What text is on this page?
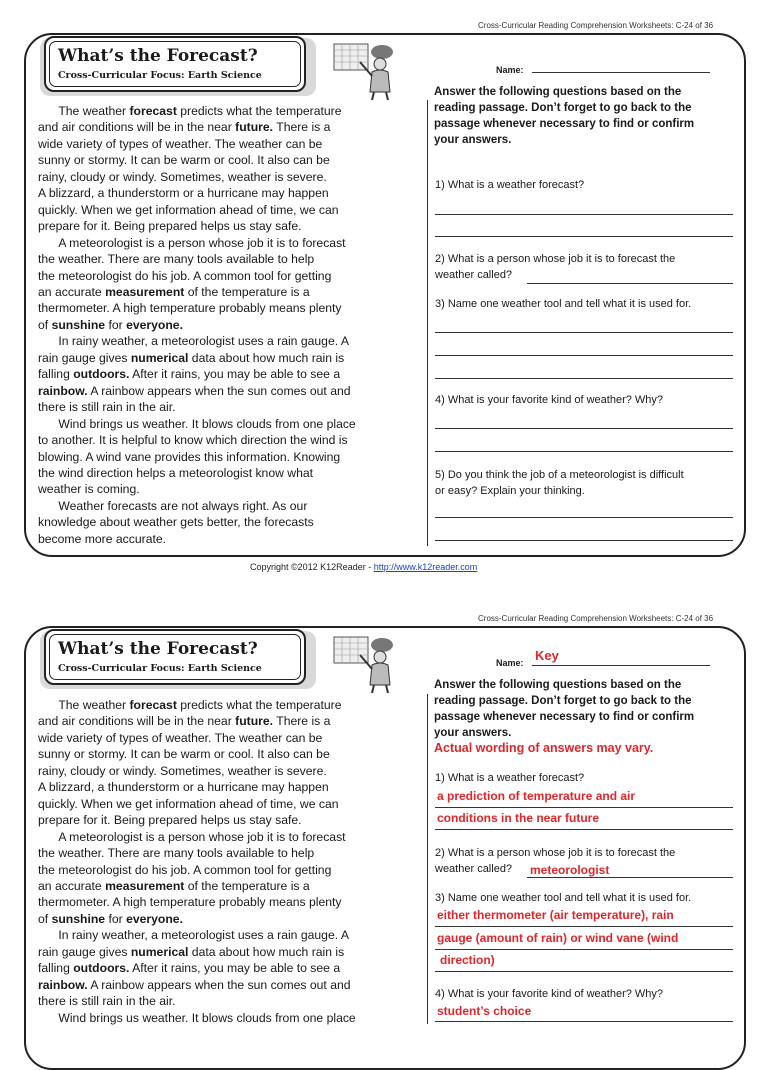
Cross-Curricular Reading Comprehension Worksheets: C-24 of 36
What’s the Forecast?
Cross-Curricular Focus: Earth Science
The weather forecast predicts what the temperature
and air conditions will be in the near future. There is a
wide variety of types of weather. The weather can be
sunny or stormy. It can be warm or cool. It also can be
rainy, cloudy or windy. Sometimes, weather is severe.
A blizzard, a thunderstorm or a hurricane may happen
quickly. When we get information ahead of time, we can
prepare for it. Being prepared helps us stay safe.
A meteorologist is a person whose job it is to forecast
the weather. There are many tools available to help
the meteorologist do his job. A common tool for getting
an accurate measurement of the temperature is a
thermometer. A high temperature probably means plenty
of sunshine for everyone.
In rainy weather, a meteorologist uses a rain gauge. A
rain gauge gives numerical data about how much rain is
falling outdoors. After it rains, you may be able to see a
rainbow. A rainbow appears when the sun comes out and
there is still rain in the air.
Wind brings us weather. It blows clouds from one place
to another. It is helpful to know which direction the wind is
blowing. A wind vane provides this information. Knowing
the wind direction helps a meteorologist know what
weather is coming.
Weather forecasts are not always right. As our
knowledge about weather gets better, the forecasts
become more accurate.
Name:
Answer the following questions based on the
reading passage. Don’t forget to go back to the
passage whenever necessary to find or confirm
your answers.
1) What is a weather forecast?
2) What is a person whose job it is to forecast the
weather called?
3) Name one weather tool and tell what it is used for.
4) What is your favorite kind of weather? Why?
5) Do you think the job of a meteorologist is difficult
or easy? Explain your thinking.
Copyright ©2012 K12Reader - http://www.k12reader.com
Cross-Curricular Reading Comprehension Worksheets: C-24 of 36
What’s the Forecast?
Cross-Curricular Focus: Earth Science
The weather forecast predicts what the temperature
and air conditions will be in the near future. There is a
wide variety of types of weather. The weather can be
sunny or stormy. It can be warm or cool. It also can be
rainy, cloudy or windy. Sometimes, weather is severe.
A blizzard, a thunderstorm or a hurricane may happen
quickly. When we get information ahead of time, we can
prepare for it. Being prepared helps us stay safe.
A meteorologist is a person whose job it is to forecast
the weather. There are many tools available to help
the meteorologist do his job. A common tool for getting
an accurate measurement of the temperature is a
thermometer. A high temperature probably means plenty
of sunshine for everyone.
In rainy weather, a meteorologist uses a rain gauge. A
rain gauge gives numerical data about how much rain is
falling outdoors. After it rains, you may be able to see a
rainbow. A rainbow appears when the sun comes out and
there is still rain in the air.
Wind brings us weather. It blows clouds from one place
Name: Key
Answer the following questions based on the
reading passage. Don’t forget to go back to the
passage whenever necessary to find or confirm
your answers.
Actual wording of answers may vary.
1) What is a weather forecast?
a prediction of temperature and air
conditions in the near future
2) What is a person whose job it is to forecast the
weather called?	meteorologist
3) Name one weather tool and tell what it is used for.
either thermometer (air temperature), rain
gauge (amount of rain) or wind vane (wind
direction)
4) What is your favorite kind of weather? Why?
student’s choice
